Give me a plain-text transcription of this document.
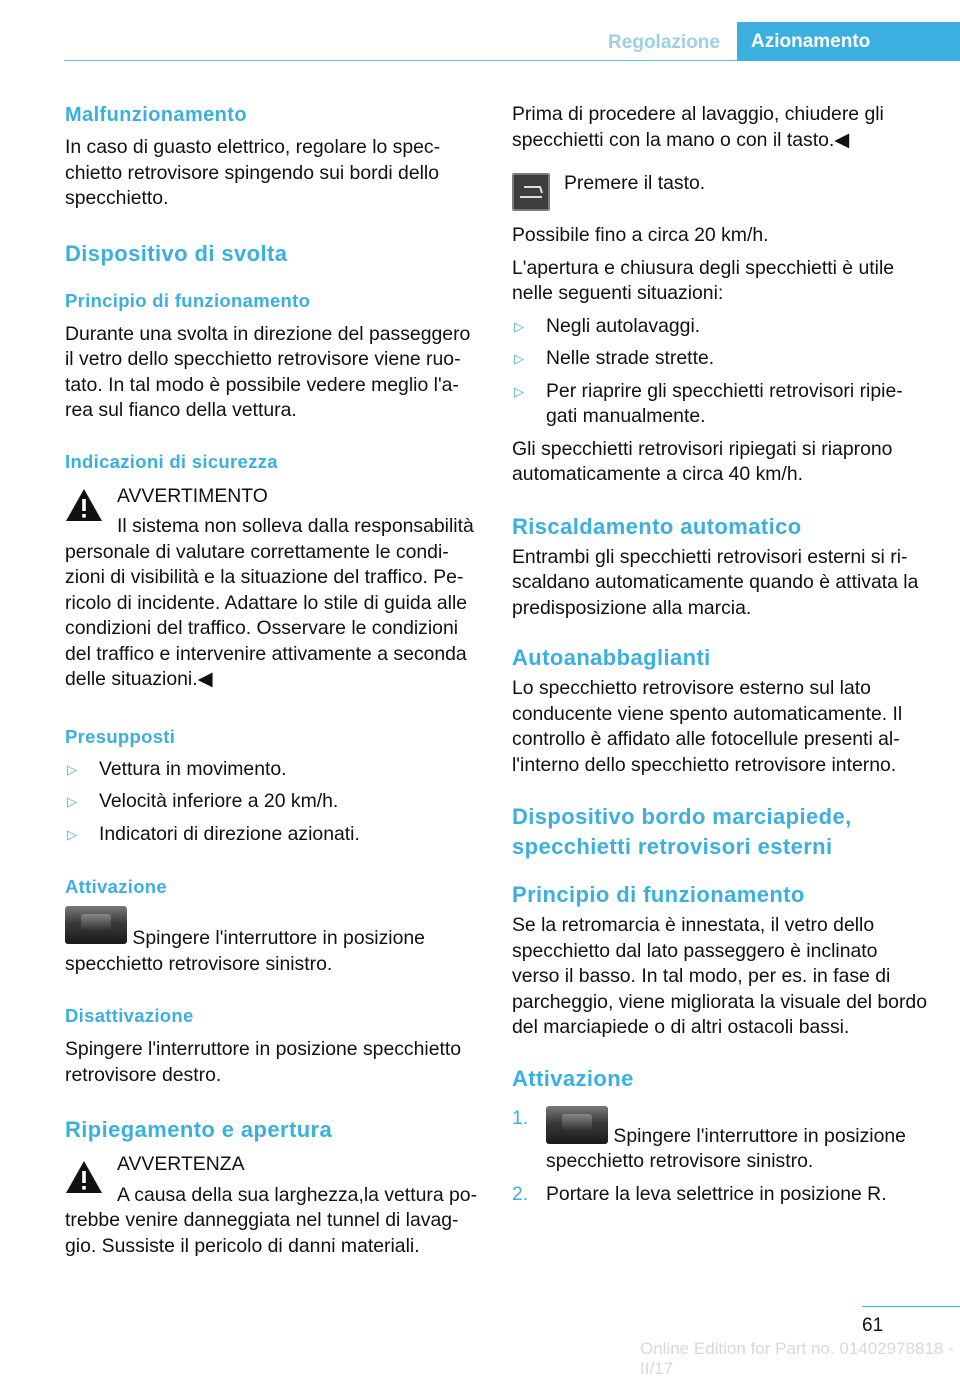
Regolazione	Azionamento
Malfunzionamento

In caso di guasto elettrico, regolare lo spec-chietto retrovisore spingendo sui bordi dello specchietto.

Dispositivo di svolta
Principio di funzionamento

Durante una svolta in direzione del passeggero il vetro dello specchietto retrovisore viene ruo-tato. In tal modo è possibile vedere meglio l'a-rea sul fianco della vettura.

Indicazioni di sicurezza

AVVERTIMENTO

Il sistema non solleva dalla responsabilità

personale di valutare correttamente le condi-zioni di visibilità e la situazione del traffico. Pe-ricolo di incidente. Adattare lo stile di guida alle condizioni del traffico. Osservare le condizioni del traffico e intervenire attivamente a seconda delle situazioni.◀

Presupposti
▷ Vettura in movimento.
▷ Velocità inferiore a 20 km/h.
▷ Indicatori di direzione azionati.
Attivazione

Spingere l'interruttore in posizione

specchietto retrovisore sinistro.

Disattivazione

Spingere l'interruttore in posizione specchietto retrovisore destro.

Ripiegamento e apertura

AVVERTENZA

A causa della sua larghezza,la vettura po-

trebbe venire danneggiata nel tunnel di lavag-gio. Sussiste il pericolo di danni materiali.

Prima di procedere al lavaggio, chiudere gli specchietti con la mano o con il tasto.◀

Premere il tasto.

Possibile fino a circa 20 km/h.

L'apertura e chiusura degli specchietti è utile nelle seguenti situazioni:

▷ Negli autolavaggi.
▷ Nelle strade strette.
▷ Per riaprire gli specchietti retrovisori ripie-gati manualmente.

Gli specchietti retrovisori ripiegati si riaprono automaticamente a circa 40 km/h.

Riscaldamento automatico

Entrambi gli specchietti retrovisori esterni si ri-scaldano automaticamente quando è attivata la predisposizione alla marcia.

Autoanabbaglianti

Lo specchietto retrovisore esterno sul lato conducente viene spento automaticamente. Il controllo è affidato alle fotocellule presenti al-l'interno dello specchietto retrovisore interno.

Dispositivo bordo marciapiede, specchietti retrovisori esterni
Principio di funzionamento

Se la retromarcia è innestata, il vetro dello specchietto dal lato passeggero è inclinato verso il basso. In tal modo, per es. in fase di parcheggio, viene migliorata la visuale del bordo del marciapiede o di altri ostacoli bassi.

Attivazione
1.
Spingere l'interruttore in posizione
specchietto retrovisore sinistro.
2. Portare la leva selettrice in posizione R.
61
Online Edition for Part no. 01402978818 - II/17
